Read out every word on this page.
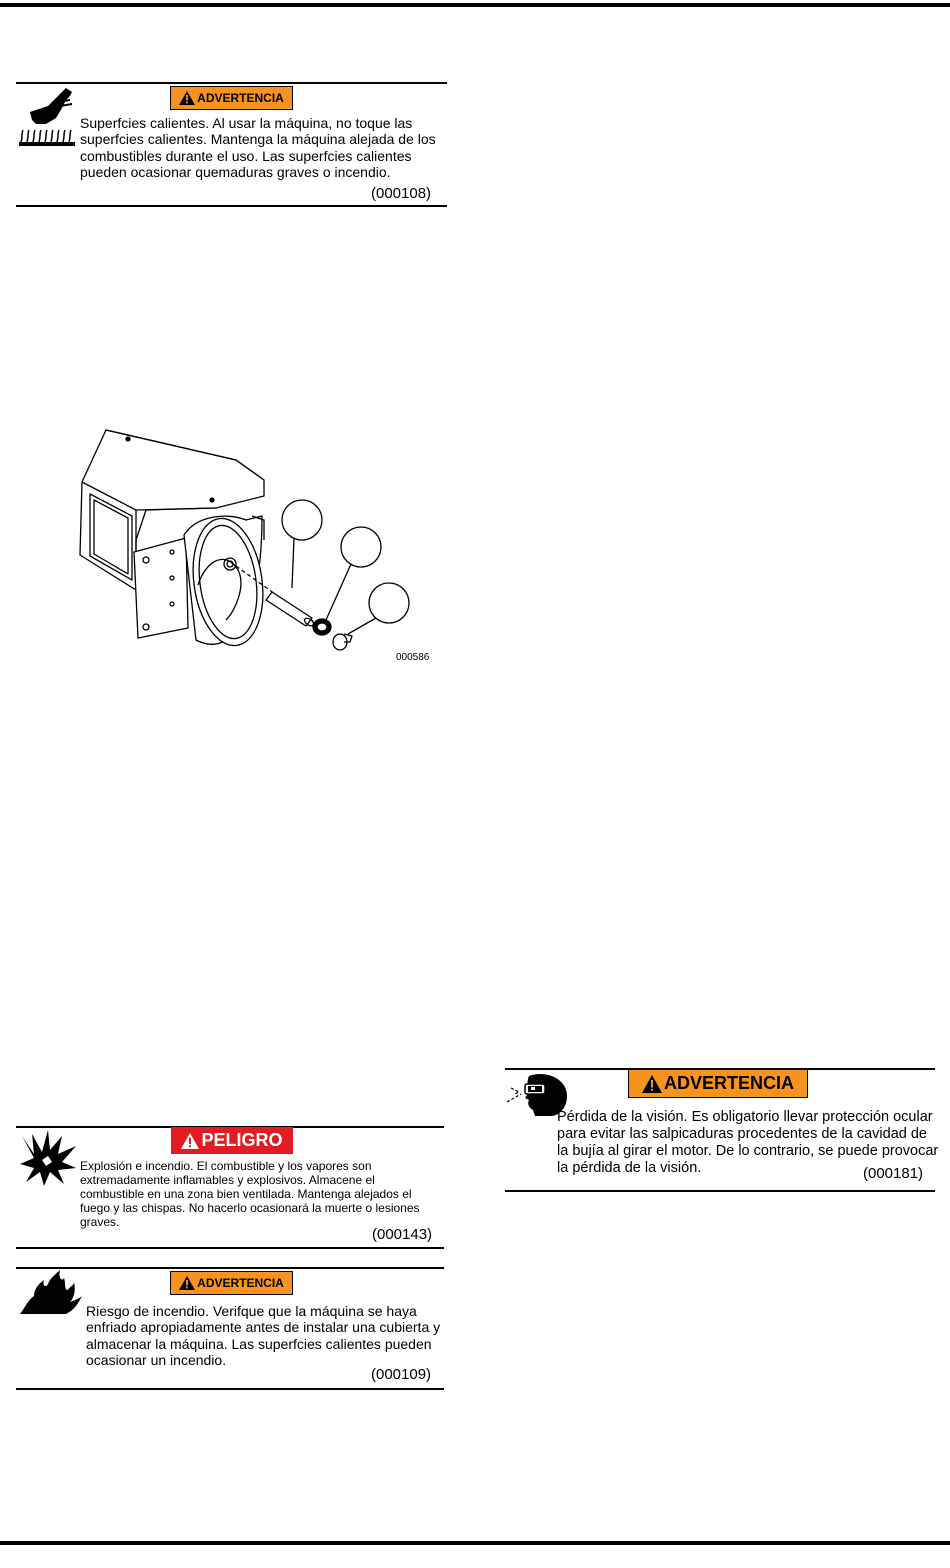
ADVERTENCIA
Superfcies calientes. Al usar la máquina, no toque las superfcies calientes. Mantenga la máquina alejada de los combustibles durante el uso. Las superfcies calientes pueden ocasionar quemaduras graves o incendio.
(000108)
000586
PELIGRO
Explosión e incendio. El combustible y los vapores son extremadamente inflamables y explosivos. Almacene el combustible en una zona bien ventilada. Mantenga alejados el fuego y las chispas. No hacerlo ocasionará la muerte o lesiones graves.
(000143)
ADVERTENCIA
Riesgo de incendio. Verifque que la máquina se haya enfriado apropiadamente antes de instalar una cubierta y almacenar la máquina. Las superfcies calientes pueden ocasionar un incendio.
(000109)
ADVERTENCIA
Pérdida de la visión. Es obligatorio llevar protección ocular para evitar las salpicaduras procedentes de la cavidad de la bujía al girar el motor. De lo contrario, se puede provocar la pérdida de la visión.	(000181)
